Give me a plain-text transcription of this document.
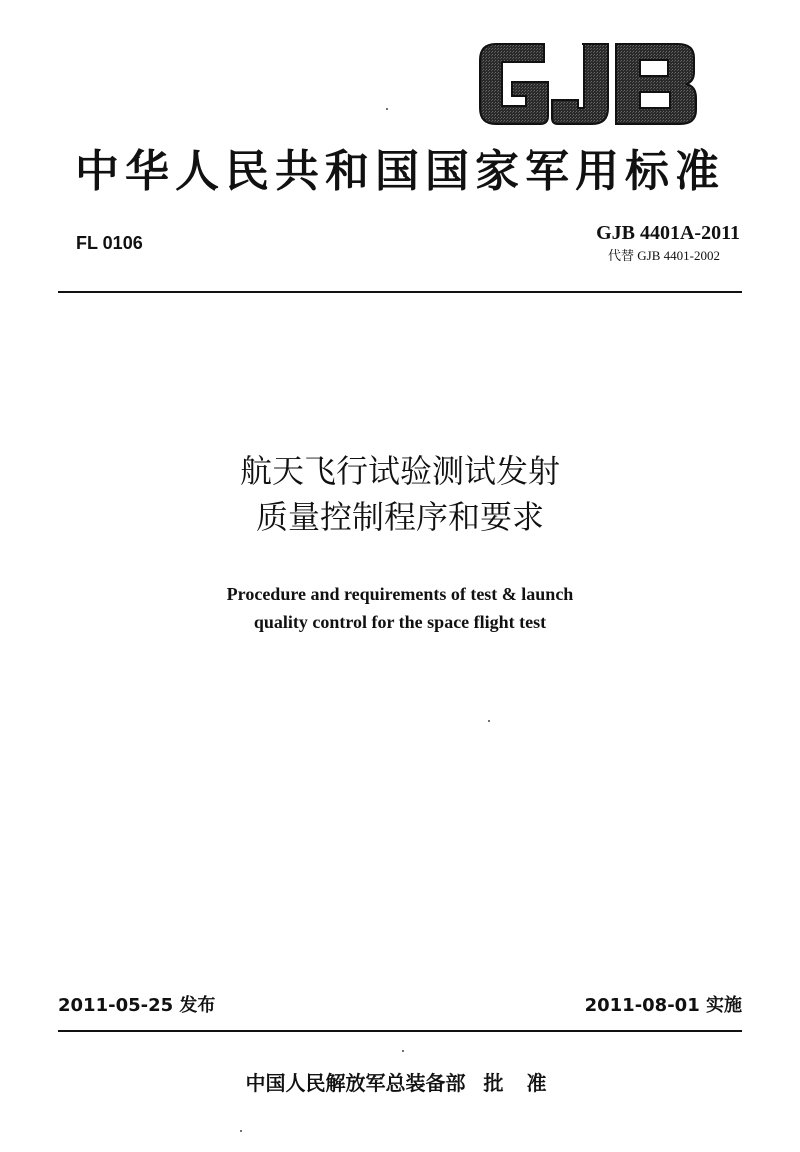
中华人民共和国国家军用标准
FL 0106	GJB 4401A-2011
代替 GJB 4401-2002
航天飞行试验测试发射
质量控制程序和要求
Procedure and requirements of test & launch
quality control for the space flight test
2011-05-25 发布	2011-08-01 实施
中国人民解放军总装备部 批 准
